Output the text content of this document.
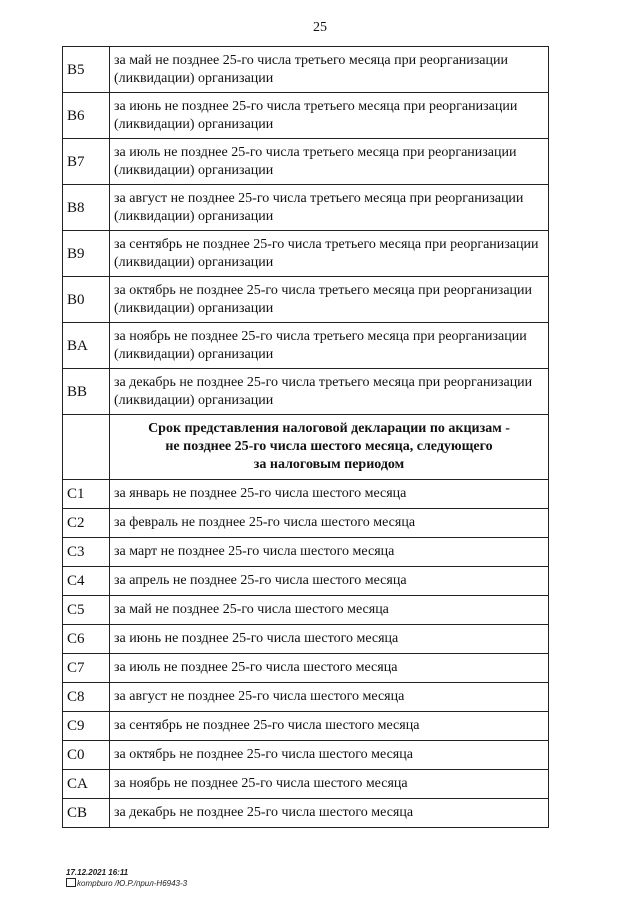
25
B5	за май не позднее 25-го числа третьего месяца при реорганизации (ликвидации) организации
B6	за июнь не позднее 25-го числа третьего месяца при реорганизации (ликвидации) организации
B7	за июль не позднее 25-го числа третьего месяца при реорганизации (ликвидации) организации
B8	за август не позднее 25-го числа третьего месяца при реорганизации (ликвидации) организации
B9	за сентябрь не позднее 25-го числа третьего месяца при реорганизации (ликвидации) организации
B0	за октябрь не позднее 25-го числа третьего месяца при реорганизации (ликвидации) организации
BA	за ноябрь не позднее 25-го числа третьего месяца при реорганизации (ликвидации) организации
BB	за декабрь не позднее 25-го числа третьего месяца при реорганизации (ликвидации) организации
	Срок представления налоговой декларации по акцизам -
не позднее 25-го числа шестого месяца, следующего
за налоговым периодом
C1	за январь не позднее 25-го числа шестого месяца
C2	за февраль не позднее 25-го числа шестого месяца
C3	за март не позднее 25-го числа шестого месяца
C4	за апрель не позднее 25-го числа шестого месяца
C5	за май не позднее 25-го числа шестого месяца
C6	за июнь не позднее 25-го числа шестого месяца
C7	за июль не позднее 25-го числа шестого месяца
C8	за август не позднее 25-го числа шестого месяца
C9	за сентябрь не позднее 25-го числа шестого месяца
C0	за октябрь не позднее 25-го числа шестого месяца
CA	за ноябрь не позднее 25-го числа шестого месяца
CB	за декабрь не позднее 25-го числа шестого месяца
17.12.2021 16:11
kompburo /Ю.Р./прил-Н6943-3
